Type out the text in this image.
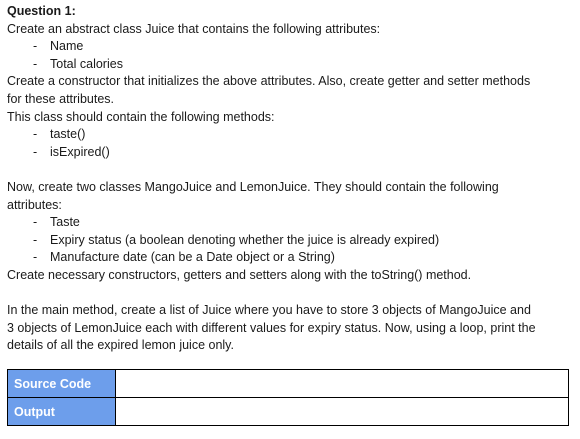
Question 1:
Create an abstract class Juice that contains the following attributes:
- Name
- Total calories
Create a constructor that initializes the above attributes. Also, create getter and setter methods
for these attributes.
This class should contain the following methods:
- taste()
- isExpired()
Now, create two classes MangoJuice and LemonJuice. They should contain the following
attributes:
- Taste
- Expiry status (a boolean denoting whether the juice is already expired)
- Manufacture date (can be a Date object or a String)
Create necessary constructors, getters and setters along with the toString() method.
In the main method, create a list of Juice where you have to store 3 objects of MangoJuice and
3 objects of LemonJuice each with different values for expiry status. Now, using a loop, print the
details of all the expired lemon juice only.
Source Code	
Output	
